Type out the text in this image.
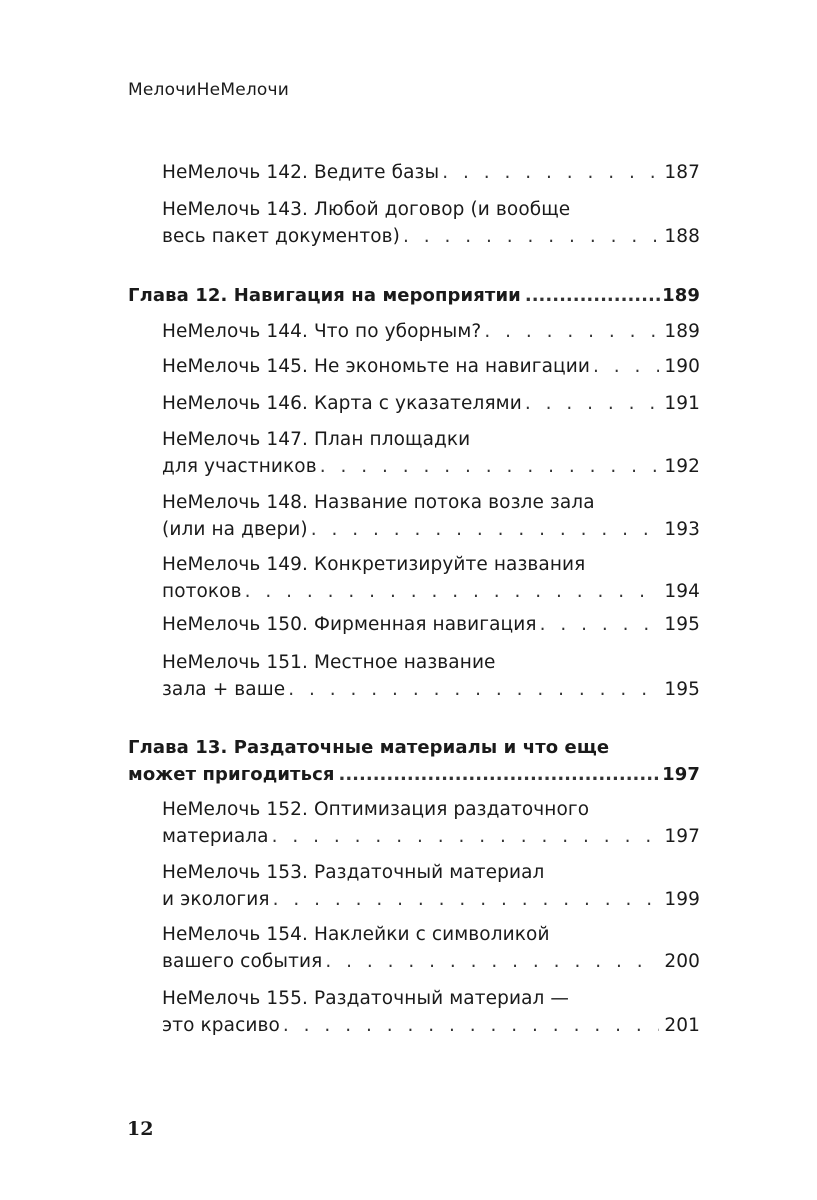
МелочиНеМелочи
НеМелочь 142. Ведите базы . . .	187
НеМелочь 143. Любой договор (и вообще
весь пакет документов) . . .	188
Глава 12. Навигация на мероприятии .....	189
НеМелочь 144. Что по уборным? . . .	189
НеМелочь 145. Не экономьте на навигации . . .	190
НеМелочь 146. Карта с указателями . . .	191
НеМелочь 147. План площадки
для участников . . .	192
НеМелочь 148. Название потока возле зала
(или на двери) . . .	193
НеМелочь 149. Конкретизируйте названия
потоков . . .	194
НеМелочь 150. Фирменная навигация . . .	195
НеМелочь 151. Местное название
зала + ваше . . .	195
Глава 13. Раздаточные материалы и что еще
может пригодиться .....	197
НеМелочь 152. Оптимизация раздаточного
материала . . .	197
НеМелочь 153. Раздаточный материал
и экология . . .	199
НеМелочь 154. Наклейки с символикой
вашего события . . .	200
НеМелочь 155. Раздаточный материал —
это красиво . . .	201
12
